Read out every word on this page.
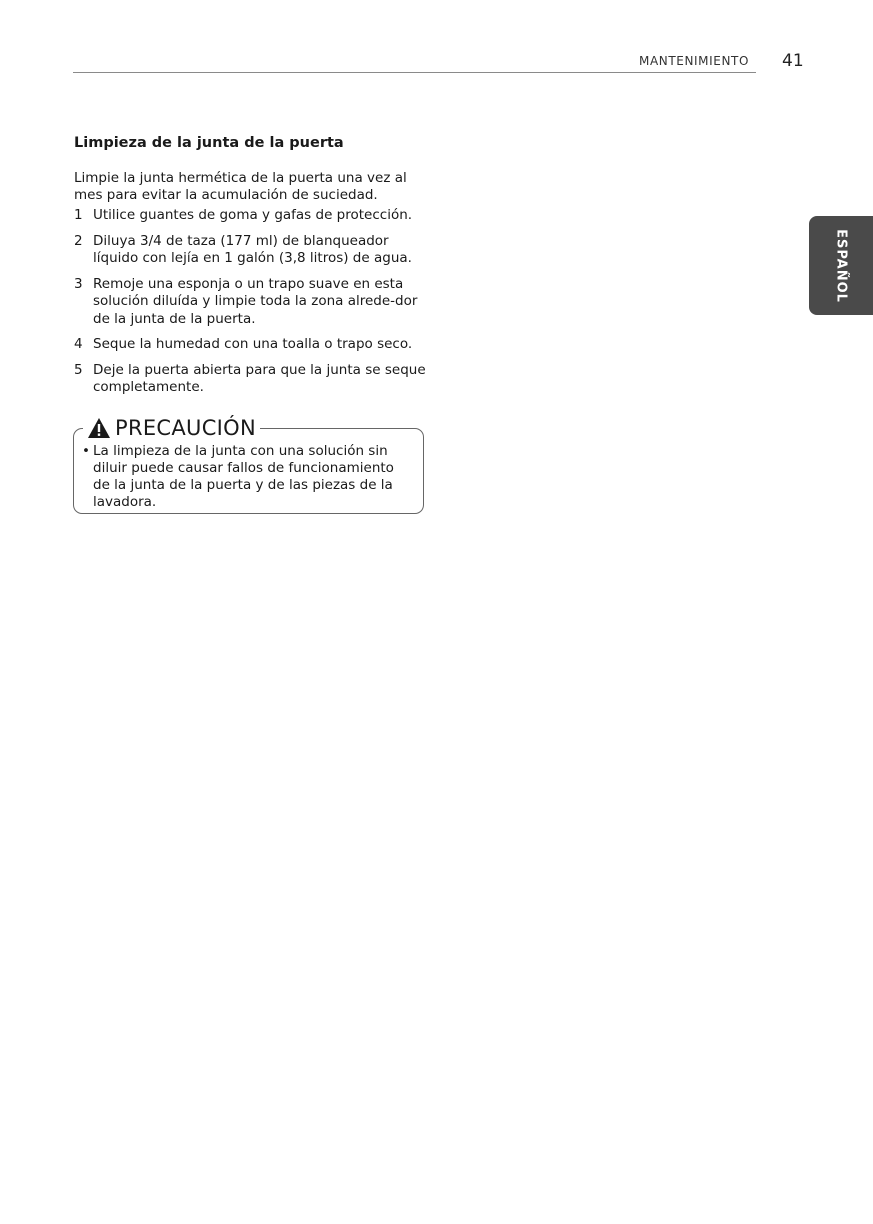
MANTENIMIENTO 41
ESPAÑOL
Limpieza de la junta de la puerta

Limpie la junta hermética de la puerta una vez al mes para evitar la acumulación de suciedad.

1 Utilice guantes de goma y gafas de protección.
2 Diluya 3/4 de taza (177 ml) de blanqueador líquido con lejía en 1 galón (3,8 litros) de agua.
3 Remoje una esponja o un trapo suave en esta solución diluída y limpie toda la zona alrede-dor de la junta de la puerta.
4 Seque la humedad con una toalla o trapo seco.
5 Deje la puerta abierta para que la junta se seque completamente.
PRECAUCIÓN
• La limpieza de la junta con una solución sin diluir puede causar fallos de funcionamiento de la junta de la puerta y de las piezas de la lavadora.
